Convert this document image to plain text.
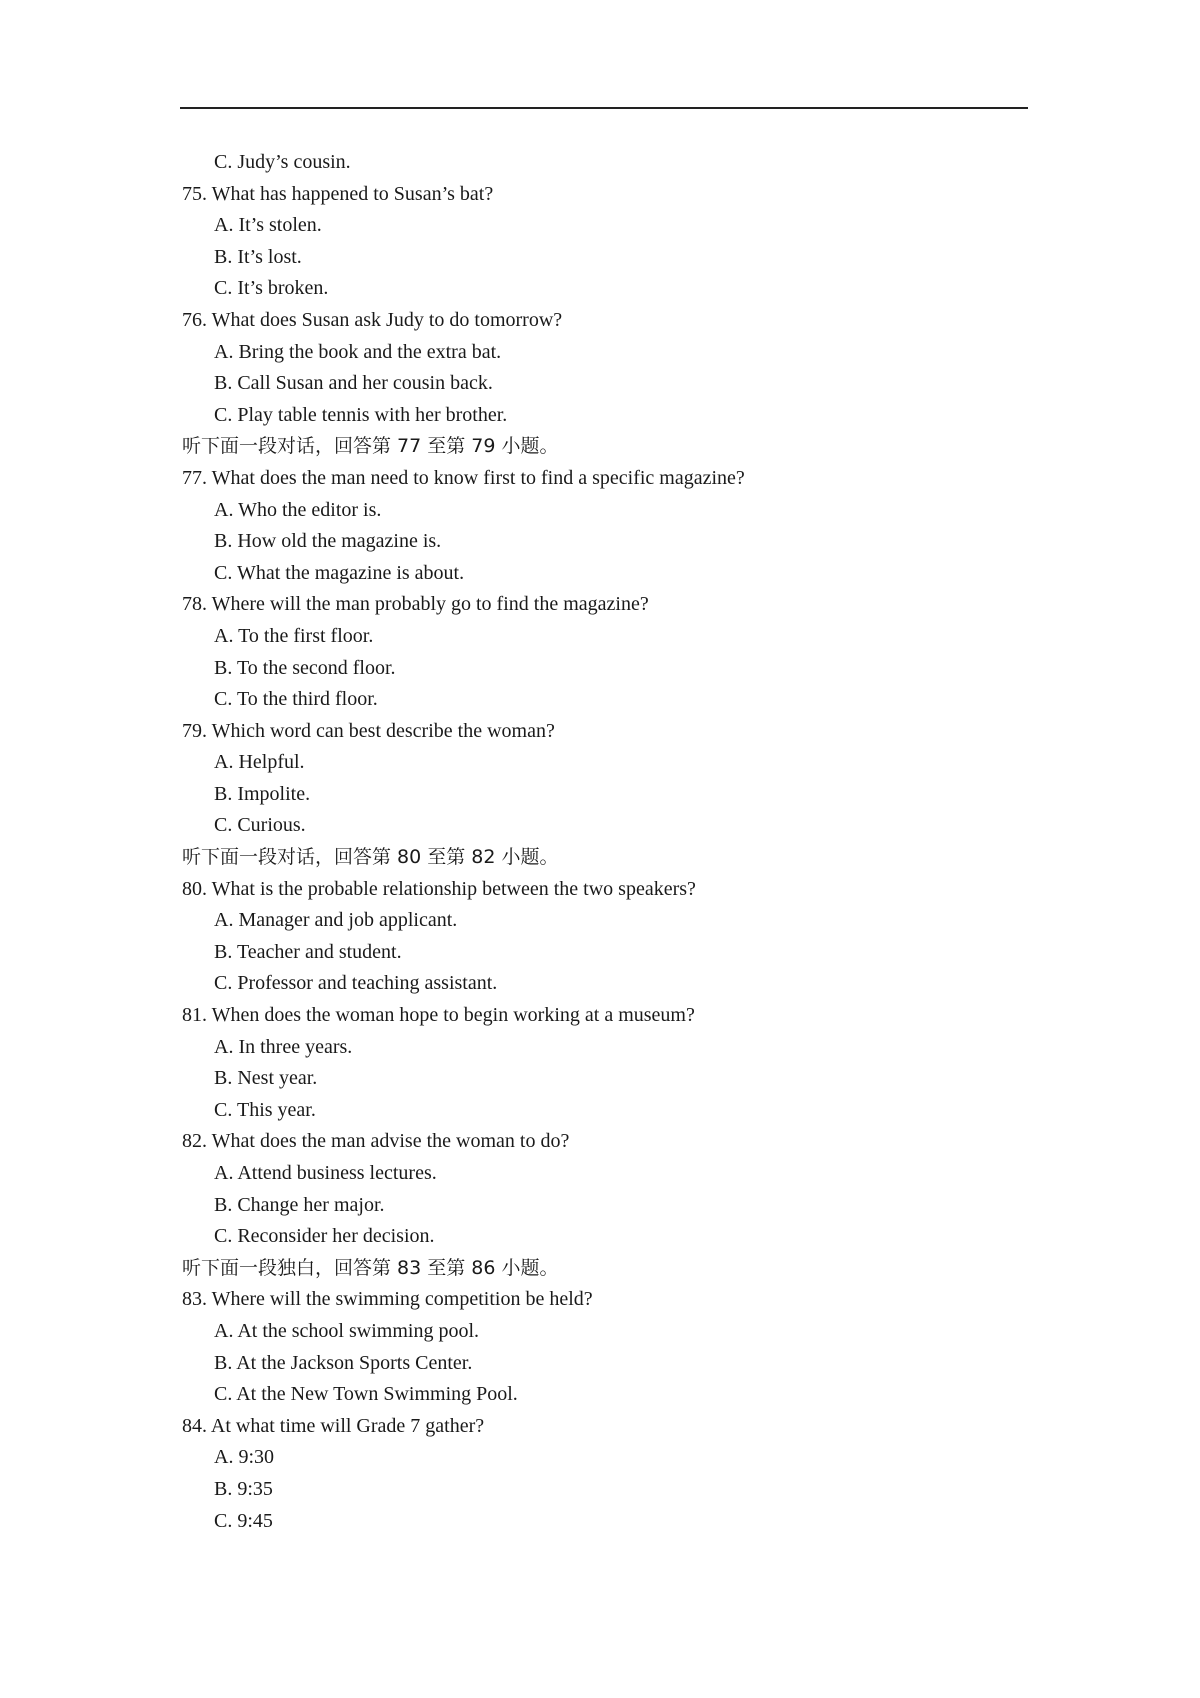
C. Judy’s cousin.
75. What has happened to Susan’s bat?
A. It’s stolen.
B. It’s lost.
C. It’s broken.
76. What does Susan ask Judy to do tomorrow?
A. Bring the book and the extra bat.
B. Call Susan and her cousin back.
C. Play table tennis with her brother.
听下面一段对话，回答第 77 至第 79 小题。
77. What does the man need to know first to find a specific magazine?
A. Who the editor is.
B. How old the magazine is.
C. What the magazine is about.
78. Where will the man probably go to find the magazine?
A. To the first floor.
B. To the second floor.
C. To the third floor.
79. Which word can best describe the woman?
A. Helpful.
B. Impolite.
C. Curious.
听下面一段对话，回答第 80 至第 82 小题。
80. What is the probable relationship between the two speakers?
A. Manager and job applicant.
B. Teacher and student.
C. Professor and teaching assistant.
81. When does the woman hope to begin working at a museum?
A. In three years.
B. Nest year.
C. This year.
82. What does the man advise the woman to do?
A. Attend business lectures.
B. Change her major.
C. Reconsider her decision.
听下面一段独白，回答第 83 至第 86 小题。
83. Where will the swimming competition be held?
A. At the school swimming pool.
B. At the Jackson Sports Center.
C. At the New Town Swimming Pool.
84. At what time will Grade 7 gather?
A. 9:30
B. 9:35
C. 9:45
